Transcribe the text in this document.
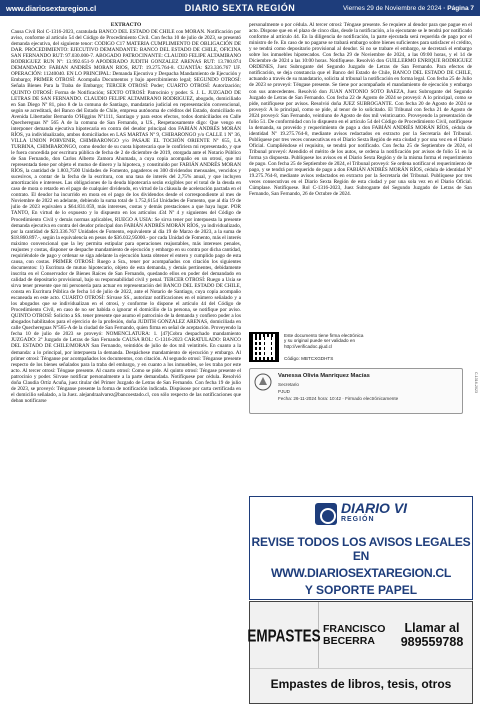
www.diariosextaregion.cl	DIARIO SEXTA REGIÓN	Viernes 29 de Noviembre de 2024 · Página 7
EXTRACTO

Causa Civil Rol C-1316-2023, caratulada BANCO DEL ESTADO DE CHILE con MORAN. Notificación por aviso, conforme al artículo 54 del Código de Procedimiento Civil. Con fecha 10 de julio de 2023, se presentó demanda ejecutiva, del siguiente tenor: CODIGO C17 MATERIA CUMPLIMIENTO DE OBLIGACIÓN DE DAR. PROCEDIMIENTO: EJECUTIVO DEMANDANTE: BANCO DEL ESTADO DE CHILE, OFICINA SAN FERNANDO RUT: 97.030.000-7. ABOGADO PATROCINANTE: CLAUDIO FELIPE ALTAMIRANO RODRIGUEZ RUN Nº: 13.992.651-9 APODERADO JUDITH GONZALEZ ARENAS RUT: 13.780.874 DEMANDADO: FABIAN ANDRÉS MORAN RIOS, RUT: 19.275.764-8. CUANTÍA: $23.336.767 UF. OPERACIÓN: 11240040. EN LO PRINCIPAL: Demanda Ejecutiva y Despacha Mandamiento de Ejecución y Embargo; PRIMER OTROSÍ: Acompaña Documentos y bajo apercibimiento legal; SEGUNDO OTROSÍ: Señala Bienes Para la Traba de Embargo; TERCER OTROSÍ: Poder; CUARTO OTROSÍ: Autorización; QUINTO OTROSÍ: Forma de Notificación; SEXTO OTROSÍ: Patrocinio y poder. S. J. L. JUZGADO DE LETRAS DE SAN FERNANDO. CLAUDIO FELIPE ALTAMIRANO RODRIGUEZ, abogado, domiciliado en San Diego Nº 81, piso 8 de la comuna de Santiago, mandatario judicial en representación convencional, según se acreditará, del Banco del Estado de Chile, empresa autónoma de créditos del Estado, domiciliado en Avenida Libertador Bernardo O'Higgins Nº1111, Santiago y para estos efectos, todos domiciliados en Calle Quechereguas Nº 565 A de la comuna de San Fernando, a US., Respetuosamente digo: Que vengo en interponer demanda ejecutiva hipotecaria en contra del deudor principal don FABIÁN ANDRÉS MORÁN RÍOS, ya individualizado, ambos domiciliados en LAS MARTAS Nº 9, CHIBARONGO y/o CALLE 1 Nº 36, VILLA UNION PORVENIR, CHIMBARONGO y/o PASAJE EL TOCHÓN ORIENTE Nº 655, LA TURBINA, CHIMBARONGO, como deudor de su cuota hipotecaria que le confiriera mi representado, y que le fuera concedida por escritura pública de fecha de 2 de diciembre de 2019, otorgada ante el Notario Público de San Fernando, don Carlos Alberto Zamora Ahumada, a cuya copia acompaño en un otrosí, que mi representada tiene por objeto el mutuo de dinero y la hipoteca, y constituido por FABIÁN ANDRÉS MORAN RÍOS, la cantidad de 1.803,7500 Unidades de Fomento, pagaderos en 300 dividendos mensuales, vencidos y sucesivos, a contar de la fecha de la escritura, con una tasa de interés del 2,75% anual, y que incluyen amortización e intereses. Las obligaciones de la deuda hipotecaria serán exigibles por el total de la deuda en caso de mora o retardo en el pago de cualquier dividendo, en virtud de la cláusula de aceleración pactada en el contrato. El deudor ha incurrido en mora en el pago de los dividendos desde el correspondiente al mes de Noviembre de 2022 en adelante, debiendo la suma total de 1.752,6154 Unidades de Fomento, que al día 19 de julio de 2023 equivalen a $64.831.059, más intereses, costas y demás prestaciones a que haya lugar. POR TANTO, En virtud de lo expuesto y lo dispuesto en los artículos 434 Nº 4 y siguientes del Código de Procedimiento Civil y demás normas aplicables, RUEGO A USIA: Se sirva tener por interpuesta la presente demanda ejecutiva en contra del deudor principal don FABIÁN ANDRÉS MORÁN RÍOS, ya individualizado, por la cantidad de $23.336.767 Unidades de Fomento, equivalente al día 19 de Marzo de 2023, a la suma de $18.860.897.-, según la equivalencia en pesos de $36.032,95000.- por cada Unidad de Fomento, más el interés máximo convencional que la ley permita estipular para operaciones reajustables, más intereses penales, reajustes y costas, disponer se despache mandamiento de ejecución y embargo en su contra por dicha cantidad, requiriéndole de pago y ordenar se siga adelante la ejecución hasta obtener el entero y cumplido pago de esta causa, con costas. PRIMER OTROSÍ: Ruego a Sra., tener por acompañados con citación los siguientes documentos: 1) Escritura de mutuo hipotecario, objeto de esta demanda, y demás pertinentes, debidamente inscrita en el Conservador de Bienes Raíces de San Fernando, quedando ellos en poder del demandado en calidad de depositario provisional, bajo su responsabilidad civil y penal. TERCER OTROSÍ: Ruego a Usía se sirva tener presente que mi personería para actuar en representación del BANCO DEL ESTADO DE CHILE, consta en Escritura Pública de fecha 14 de julio de 2022, ante el Notario de Santiago, cuya copia acompaño escaneada en este acto. CUARTO OTROSÍ: Sírvase SS., autorizar notificaciones en el número señalado y a los abogados que se individualizan en el otrosí, y conforme lo dispone el artículo 44 del Código de Procedimiento Civil, en caso de no ser habida o ignorar el domicilio de la persona, se notifique por aviso. QUINTO OTROSÍ: Solicito a SS. tener presente que asumo el patrocinio de la demanda y confiero poder a los abogados habilitados para el ejercicio de la profesión, doña JUDITH GONZALEZ ARENAS, domiciliada en calle Quechereguas Nº565-A de la ciudad de San Fernando, quien firma en señal de aceptación. Proveyendo la fecha 10 de julio de 2023 se proveyó: NOMENCLATURA: 1. [47]Cobra despachado mandamiento JUZGADO: 2º Juzgado de Letras de San Fernando CAUSA ROL: C-1316-2023 CARATULADO: BANCO DEL ESTADO DE CHILE/MORAN San Fernando, veintidós de julio de dos mil veintitrés. En cuanto a la demanda: a lo principal, por interpuesta la demanda. Despáchese mandamiento de ejecución y embargo. Al primer otrosí: Ténganse por acompañados los documentos, con citación. Al segundo otrosí: Ténganse presente respecto de los bienes señalados para la traba del embargo, y en cuanto a los inmuebles, se les traba por este acto. Al tercer otrosí: Téngase presente. Al cuarto otrosí: Como se pide. Al quinto otrosí: Téngase presente el patrocinio y poder. Sírvase notificar personalmente a la parte demandada. Notifíquese por cédula. Resolvió doña Claudia Ortíz Acuña, juez titular del Primer Juzgado de Letras de San Fernando. Con fecha 19 de julio de 2023, se proveyó: Ténganse presente la forma de notificación indicada. Dispúsose por carta certificada en el domicilio señalado, a la Juez. alejandraalvarez@bancoestado.cl, con sólo respecto de las notificaciones que deban notificarse

personalmente o por cédula. Al tercer otrosí: Téngase presente. Se requiere al deudor para que pague en el acto. Dispone que en el plazo de cinco días, desde la notificación, a lo ejecutante se le tendrá por notificado conforme al artículo 44. En la diligencia de notificación, la parte ejecutada será requerida de pago por el ministro de fe. En caso de no pagarse se trabará embargo sobre bienes suficientes para satisfacer el crédito, y se tendrá como depositario provisional al deudor. Si no se trabare el embargo, se decretará el embargo sobre los inmuebles hipotecados. Con fecha 29 de Noviembre de 2024, a las 09:00 horas, y el 14 de Diciembre de 2024 a las 10:00 horas. Notifíquese. Resolvió don GUILLERMO ENRIQUE RODRIGUEZ ORDENES, Juez Subrogante del Segundo Juzgado de Letras de San Fernando. Para efectos de notificación, se deja constancia que el Banco del Estado de Chile, BANCO DEL ESTADO DE CHILE, actuando a través de su mandatario, solicita al tribunal la notificación en forma legal. Con fecha 25 de Julio de 2023 se proveyó: Téngase presente. Se tiene por acompañado el mandamiento de ejecución y embargo con sus antecedentes. Resolvió don JUAN ANTONIO SOTO BAEZA, Juez Subrogante del Segundo Juzgado de Letras de San Fernando. Con fecha 22 de Agosto de 2024 se proveyó: A lo principal, como se pide, notifíquese por avisos. Resolvió doña JUEZ SUBROGANTE. Con fecha 20 de Agosto de 2024 se proveyó: A lo principal, como se pide, al tenor de lo solicitado. El Tribunal con fecha 21 de Agosto de 2024 proveyó: San Fernando, veintiuno de Agosto de dos mil veinticuatro. Proveyendo la presentación de folio 51. De conformidad con lo dispuesto en el artículo 54 del Código de Procedimiento Civil, notifíquese la demanda, su proveído y requerimiento de pago a don FABIÁN ANDRÉS MORÁN RÍOS, cédula de identidad Nº 19.275.764-8, mediante avisos redactados en extracto por la Secretaría del Tribunal. Publíquese por tres veces consecutivas en el Diario Sexta Región de esta ciudad y por una vez en el Diario Oficial. Cumpliéndose el requisito, se tendrá por notificado. Con fecha 25 de Septiembre de 2024, el Tribunal proveyó: Atendido el mérito de los autos, se ordena la notificación por avisos de folio 51 en la forma ya dispuesta. Publíquese los avisos en el Diario Sexta Región y de la misma forma el requerimiento de pago. Con fecha 25 de Septiembre de 2024, el Tribunal proveyó: Se ordena notificar el requerimiento de pago, y se tendrá por requerido de pago a don FABIÁN ANDRÉS MORÁN RÍOS, cédula de identidad Nº 19.275.764-8, mediante avisos redactados en extracto por la Secretaría del Tribunal. Publíquese por tres veces consecutivas en el Diario Sexta Región de esta ciudad y por una sola vez en el Diario Oficial. Cúmplase. Notifíquese. Rol C-1316-2023, Juez Subrogante del Segundo Juzgado de Letras de San Fernando, San Fernando, 26 de Octubre de 2024.

Este documento tiene firma electrónica
y su original puede ser validado en
http://verificadoc.pjud.cl
Código: MBTCXGDHTS
Vanessa Olivia Manriquez Macías
Secretario
PJUD
Fecha: 26-11-2024 hora: 10:42 · Firmado electrónicamente
C-1316-2023
DIARIO VI
REGIÓN
REVISE TODOS LOS AVISOS LEGALES EN
WWW.DIARIOSEXTAREGION.CL
Y SOPORTE PAPEL
EMPASTES FRANCISCO
BECERRA
Llamar al
989559788
Empastes de libros, tesis, otros
